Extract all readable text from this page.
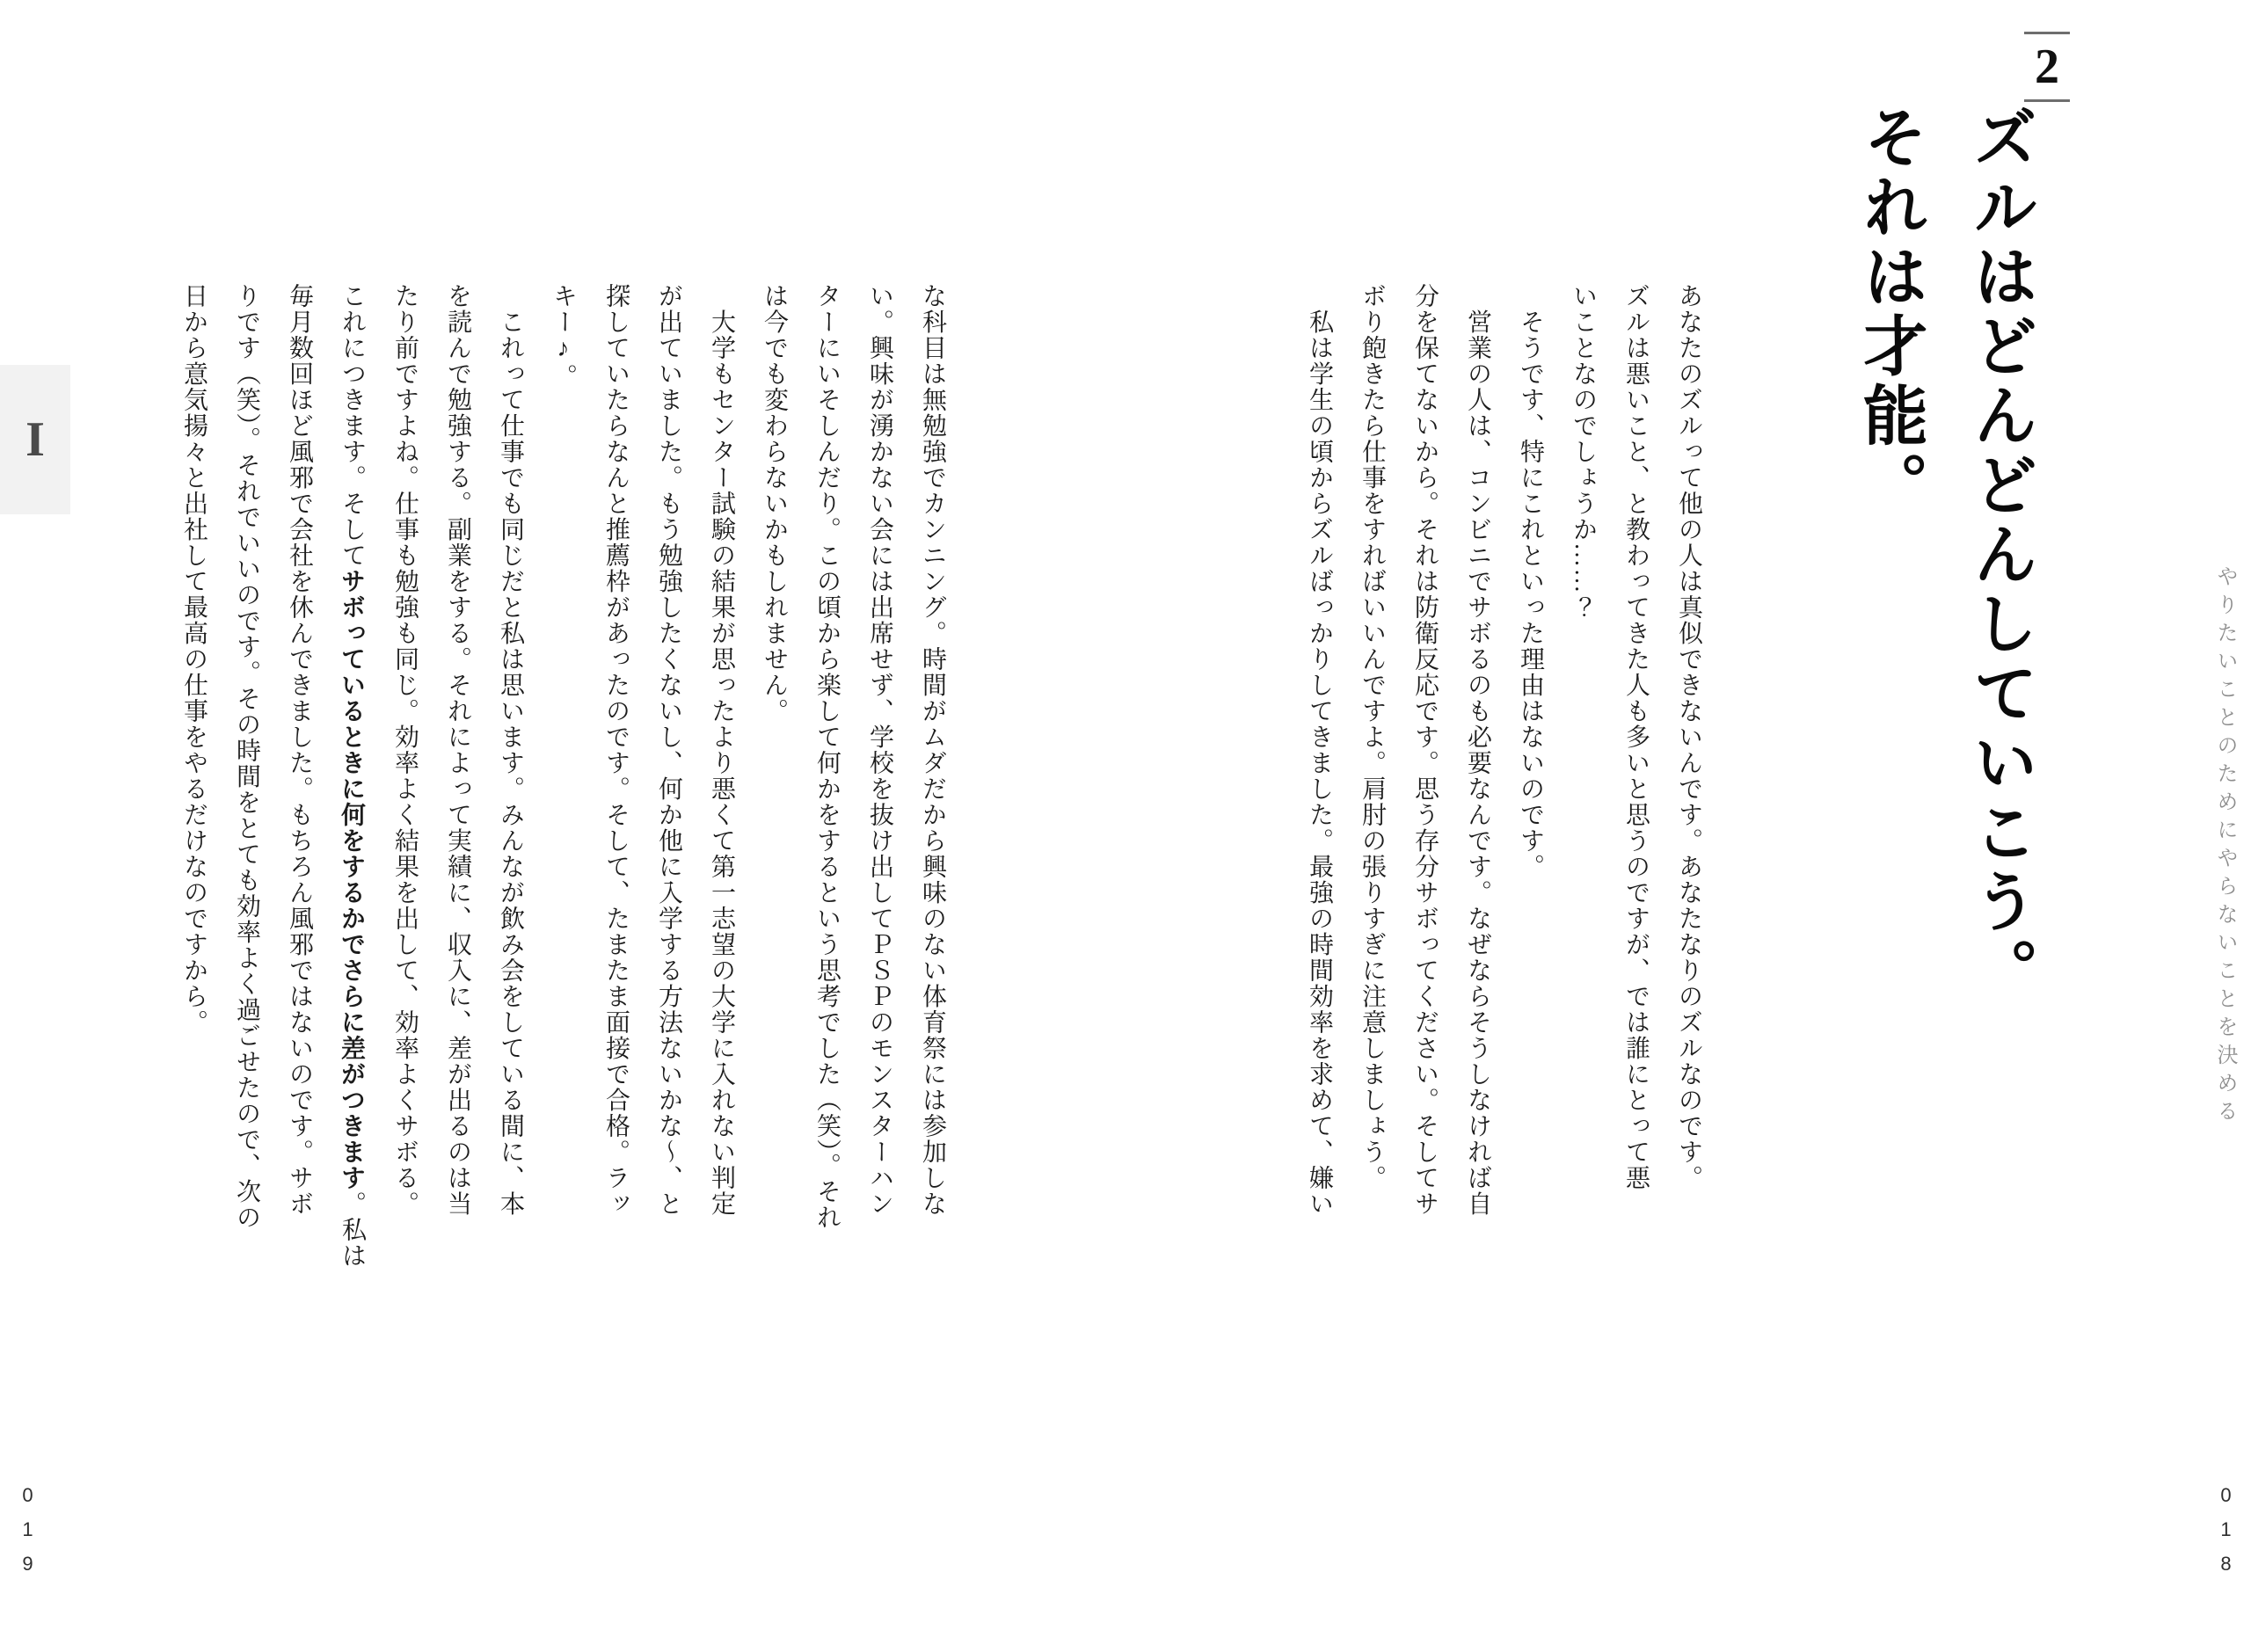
2
ズルはどんどんしていこう。
それは才能。
やりたいことのためにやらないことを決める
あなたのズルって他の人は真似できないんです。あなたなりのズルなのです。
ズルは悪いこと、と教わってきた人も多いと思うのですが、では誰にとって悪
いことなのでしょうか……？
　そうです、特にこれといった理由はないのです。
　営業の人は、コンビニでサボるのも必要なんです。なぜならそうしなければ自
分を保てないから。それは防衛反応です。思う存分サボってください。そしてサ
ボり飽きたら仕事をすればいいんですよ。肩肘の張りすぎに注意しましょう。
　私は学生の頃からズルばっかりしてきました。最強の時間効率を求めて、嫌い
な科目は無勉強でカンニング。時間がムダだから興味のない体育祭には参加しな
い。興味が湧かない会には出席せず、学校を抜け出してＰＳＰのモンスターハン
ターにいそしんだり。この頃から楽して何かをするという思考でした（笑）。それ
は今でも変わらないかもしれません。
　大学もセンター試験の結果が思ったより悪くて第一志望の大学に入れない判定
が出ていました。もう勉強したくないし、何か他に入学する方法ないかな〜、と
探していたらなんと推薦枠があったのです。そして、たまたま面接で合格。ラッ
キー♪。
　これって仕事でも同じだと私は思います。みんなが飲み会をしている間に、本
を読んで勉強する。副業をする。それによって実績に、収入に、差が出るのは当
たり前ですよね。仕事も勉強も同じ。効率よく結果を出して、効率よくサボる。
これにつきます。そしてサボっているときに何をするかでさらに差がつきます。私は
毎月数回ほど風邪で会社を休んできました。もちろん風邪ではないのです。サボ
りです（笑）。それでいいのです。その時間をとても効率よく過ごせたので、次の
日から意気揚々と出社して最高の仕事をやるだけなのですから。
I
018
019
